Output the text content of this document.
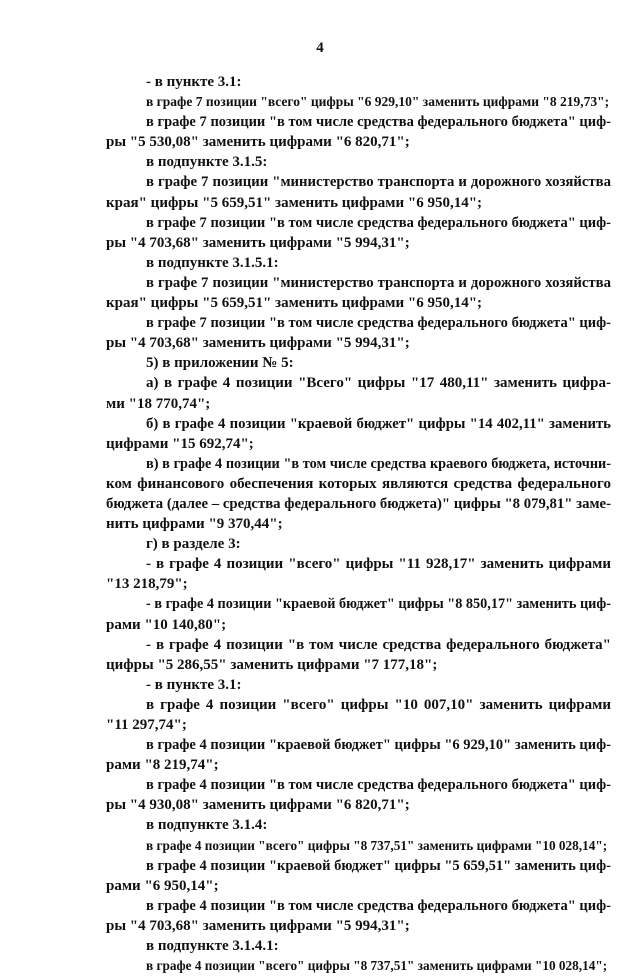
4
- в пункте 3.1:
в графе 7 позиции "всего" цифры "6 929,10" заменить цифрами "8 219,73";
в графе 7 позиции "в том числе средства федерального бюджета" циф-
ры "5 530,08" заменить цифрами "6 820,71";
в подпункте 3.1.5:
в графе 7 позиции "министерство транспорта и дорожного хозяйства
края" цифры "5 659,51" заменить цифрами "6 950,14";
в графе 7 позиции "в том числе средства федерального бюджета" циф-
ры "4 703,68" заменить цифрами "5 994,31";
в подпункте 3.1.5.1:
в графе 7 позиции "министерство транспорта и дорожного хозяйства
края" цифры "5 659,51" заменить цифрами "6 950,14";
в графе 7 позиции "в том числе средства федерального бюджета" циф-
ры "4 703,68" заменить цифрами "5 994,31";
5) в приложении № 5:
а) в графе 4 позиции "Всего" цифры "17 480,11" заменить цифра-
ми "18 770,74";
б) в графе 4 позиции "краевой бюджет" цифры "14 402,11" заменить
цифрами "15 692,74";
в) в графе 4 позиции "в том числе средства краевого бюджета, источни-
ком финансового обеспечения которых являются средства федерального
бюджета (далее – средства федерального бюджета)" цифры "8 079,81" заме-
нить цифрами "9 370,44";
г) в разделе 3:
- в графе 4 позиции "всего" цифры "11 928,17" заменить цифрами
"13 218,79";
- в графе 4 позиции "краевой бюджет" цифры "8 850,17" заменить циф-
рами "10 140,80";
- в графе 4 позиции "в том числе средства федерального бюджета"
цифры "5 286,55" заменить цифрами "7 177,18";
- в пункте 3.1:
в графе 4 позиции "всего" цифры "10 007,10" заменить цифрами
"11 297,74";
в графе 4 позиции "краевой бюджет" цифры "6 929,10" заменить циф-
рами "8 219,74";
в графе 4 позиции "в том числе средства федерального бюджета" циф-
ры "4 930,08" заменить цифрами "6 820,71";
в подпункте 3.1.4:
в графе 4 позиции "всего" цифры "8 737,51" заменить цифрами "10 028,14";
в графе 4 позиции "краевой бюджет" цифры "5 659,51" заменить циф-
рами "6 950,14";
в графе 4 позиции "в том числе средства федерального бюджета" циф-
ры "4 703,68" заменить цифрами "5 994,31";
в подпункте 3.1.4.1:
в графе 4 позиции "всего" цифры "8 737,51" заменить цифрами "10 028,14";
